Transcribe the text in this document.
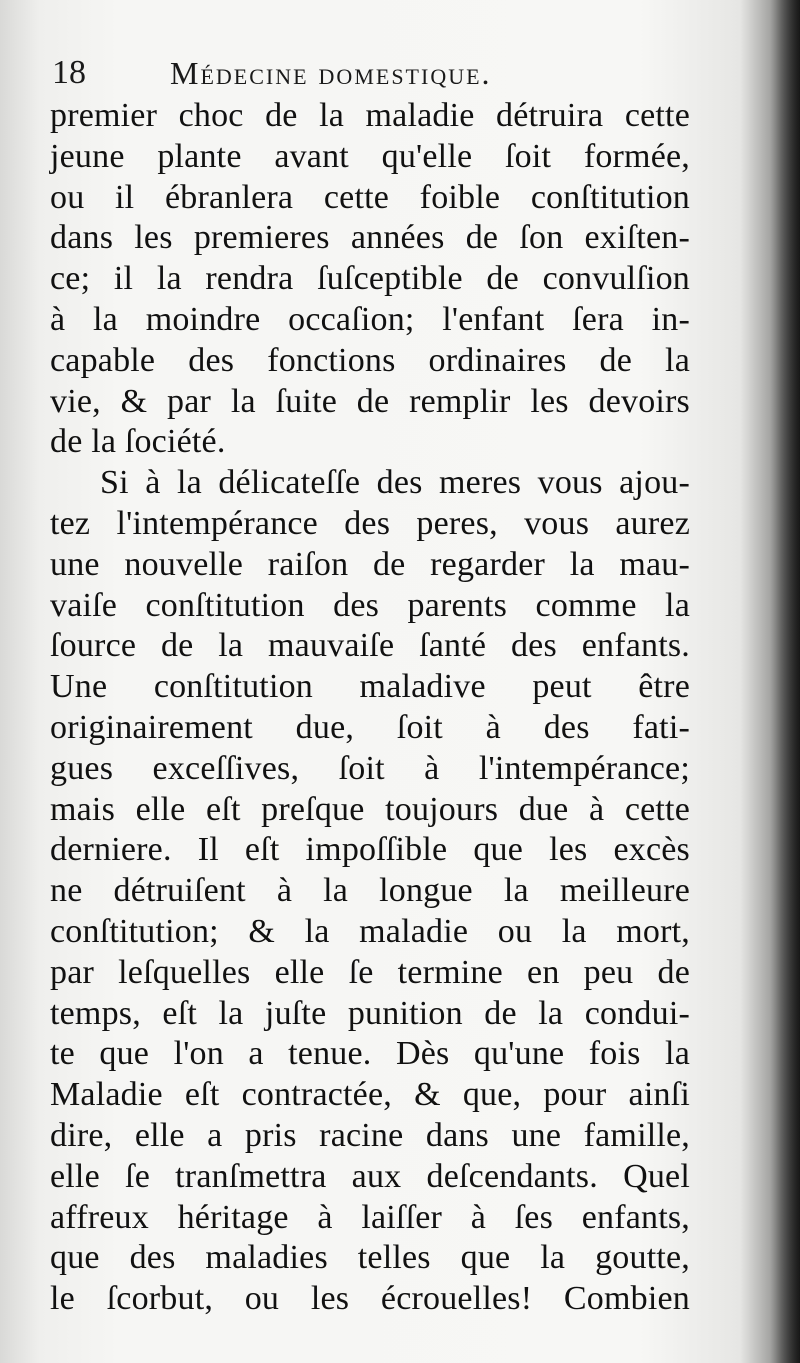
18	Médecine domestique.
premier choc de la maladie détruira cette
jeune plante avant qu'elle ſoit formée,
ou il ébranlera cette foible conſtitution
dans les premieres années de ſon exiſten-
ce; il la rendra ſuſceptible de convulſion
à la moindre occaſion; l'enfant ſera in-
capable des fonctions ordinaires de la
vie, & par la ſuite de remplir les devoirs
de la ſociété.
Si à la délicateſſe des meres vous ajou-
tez l'intempérance des peres, vous aurez
une nouvelle raiſon de regarder la mau-
vaiſe conſtitution des parents comme la
ſource de la mauvaiſe ſanté des enfants.
Une conſtitution maladive peut être
originairement due, ſoit à des fati-
gues exceſſives, ſoit à l'intempérance;
mais elle eſt preſque toujours due à cette
derniere. Il eſt impoſſible que les excès
ne détruiſent à la longue la meilleure
conſtitution; & la maladie ou la mort,
par leſquelles elle ſe termine en peu de
temps, eſt la juſte punition de la condui-
te que l'on a tenue. Dès qu'une fois la
Maladie eſt contractée, & que, pour ainſi
dire, elle a pris racine dans une famille,
elle ſe tranſmettra aux deſcendants. Quel
affreux héritage à laiſſer à ſes enfants,
que des maladies telles que la goutte,
le ſcorbut, ou les écrouelles! Combien
